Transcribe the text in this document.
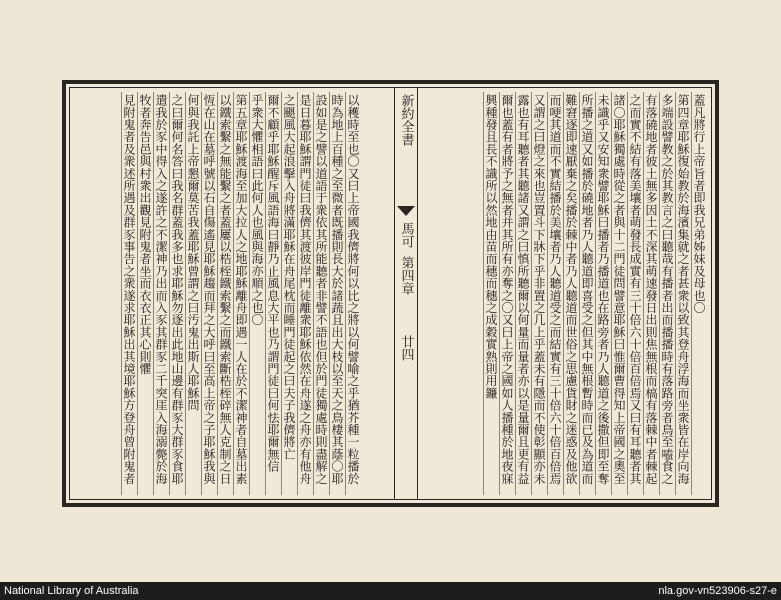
蓋凡將行上帝旨者即我兄弟姊妹及母也〇
第四章耶穌復始教於海濱集就之者甚衆以致其登舟浮海而坐衆皆在岸向海
多端設譬教之於其教言之曰聽哉有播者出而播播時有落路旁者鳥至嗑食之
有落磽地者彼土無多因土不深其萌速發日出則焦無根而槁有落棘中者棘起
之而實不結有落美壤者萌發長成實有三十倍六十倍百倍焉又曰有耳聽者其
諸〇耶穌獨處時從之者與十二門徒問譬意耶穌曰惟爾曹得知上帝國之奧至
未識乎又安知衆譬耶穌曰播者乃播道也在路旁者乃人聽道之後撒但即至奪
所播之道又如播於磽地者乃人聽道即喜受之但其中無根暫時而已及為道而
難窘逐即速厭棄之矣播於棘中者乃人聽道而世俗之思慮貨財之迷惑及他欲
而哽其道而不實結播於美壤者乃人聽道受之而結實有三十倍六十倍百倍焉
又謂之曰燈之來也豈置斗下牀下乎非置之几上乎蓋未有隱而不使彰顯亦未
露也有耳聽者其聽諸又謂之曰慎所聽爾以何量而量者亦以是量爾且更有益
爾也蓋有者將予之無者并其所有亦奪之〇又曰上帝之國如人播種於地夜寐
興種發且長不識所以然地由苗而穗而穗之成穀實熟則用鐮
新約全書
馬可
第四章
廿四
以穫時至也〇又曰上帝國我儕將何以比之將以何譬喻之乎猶芥種一粒播於
時為地上百種之至微者既播則長大於諸蔬且出大枝以至天之鳥棲其蔭〇耶
設如是之譬以道語于衆依其所能聽者非譬不語也但於門徒獨處時則盡解之
是日暮耶穌謂門徒曰我儕其渡彼岸門徒離衆耶穌依然在舟遂之舟亦有他舟
之颶風大起浪擊入舟將滿耶穌在舟尾枕而睡門徒起之曰夫子我儕將亡
爾不顧乎耶穌醒斥風語海曰靜乃止風息大平也乃謂門徒曰何怯耶爾無信
乎衆大懼相語曰此何人也風與海亦順之也〇
第五章耶穌渡海至加大拉人之地耶穌離舟即遇一人在於不潔神者自墓出素
以鐵索繫之無能繫之者蓋屢以梏桎鐵索繫之而鐵索斷梏桎碎無人克制之日
恆在山在墓呼號以石自傷遙見耶穌趨而拜之大呼曰至高上帝之子耶穌我與
何與我託上帝懇爾莫苦我蓋耶穌曾謂之曰汚鬼出斯人耶穌問
之曰爾何名答曰我名群蓋我多也求耶穌勿逐出此地山邊有群豕大群豕食耶
遣我於豕中得入之遂許之不潔神乃出而入豕其群豕二千突厓入海溺斃於海
牧者奔告邑與村衆出觀見附鬼者坐而衣衣正其心則懼
見附鬼者及衆述所遇及群豕事告之衆遂求耶穌出其境耶穌方登舟曾附鬼者
National Library of Australia	nla.gov-vn523906-s27-e
